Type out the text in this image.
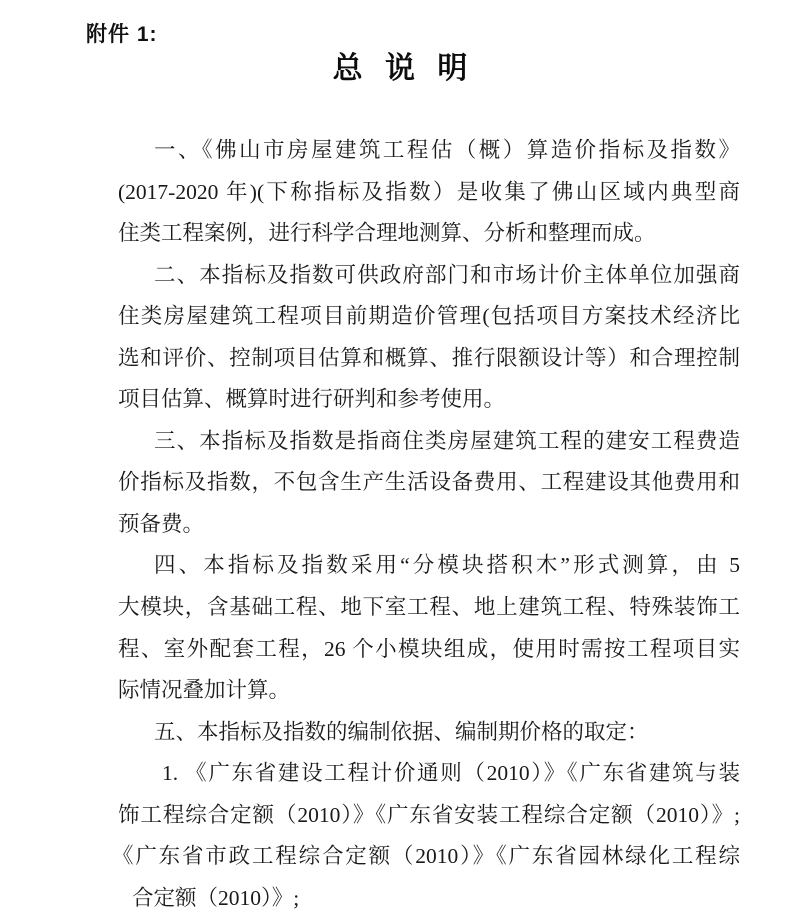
附件 1:
总 说 明
一、《佛山市房屋建筑工程估（概）算造价指标及指数》
(2017-2020 年)(下称指标及指数）是收集了佛山区域内典型商
住类工程案例，进行科学合理地测算、分析和整理而成。
二、本指标及指数可供政府部门和市场计价主体单位加强商
住类房屋建筑工程项目前期造价管理(包括项目方案技术经济比
选和评价、控制项目估算和概算、推行限额设计等）和合理控制
项目估算、概算时进行研判和参考使用。
三、本指标及指数是指商住类房屋建筑工程的建安工程费造
价指标及指数，不包含生产生活设备费用、工程建设其他费用和
预备费。
四、本指标及指数采用“分模块搭积木”形式测算，由 5
大模块，含基础工程、地下室工程、地上建筑工程、特殊装饰工
程、室外配套工程，26 个小模块组成，使用时需按工程项目实
际情况叠加计算。
五、本指标及指数的编制依据、编制期价格的取定：
1. 《广东省建设工程计价通则（2010）》《广东省建筑与装
饰工程综合定额（2010）》《广东省安装工程综合定额（2010）》;
《广东省市政工程综合定额（2010）》《广东省园林绿化工程综
合定额（2010）》;
